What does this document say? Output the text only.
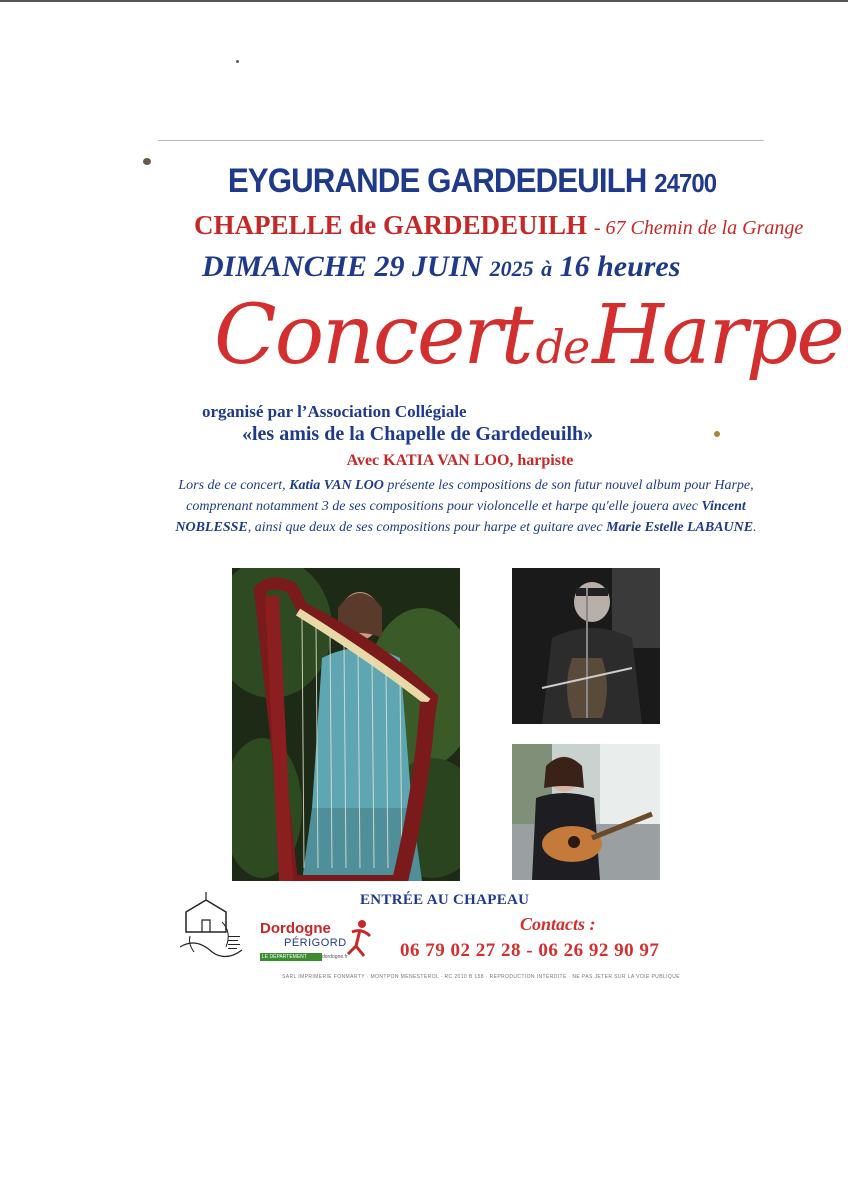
EYGURANDE GARDEDEUILH 24700
CHAPELLE de GARDEDEUILH - 67 Chemin de la Grange
DIMANCHE 29 JUIN 2025 à 16 heures
ConcertdeHarpe
organisé par l’Association Collégiale
«les amis de la Chapelle de Gardedeuilh»
Avec KATIA VAN LOO, harpiste
Lors de ce concert, Katia VAN LOO présente les compositions de son futur nouvel album pour Harpe, comprenant notamment 3 de ses compositions pour violoncelle et harpe qu'elle jouera avec Vincent NOBLESSE, ainsi que deux de ses compositions pour harpe et guitare avec Marie Estelle LABAUNE.
ENTRÉE AU CHAPEAU
Contacts :
06 79 02 27 28 - 06 26 92 90 97
Dordogne
PÉRIGORD
LE DÉPARTEMENT	dordogne.fr
SARL IMPRIMERIE FONMARTY · MONTPON MENESTEROL · RC 2010 B 158 · REPRODUCTION INTERDITE · NE PAS JETER SUR LA VOIE PUBLIQUE
